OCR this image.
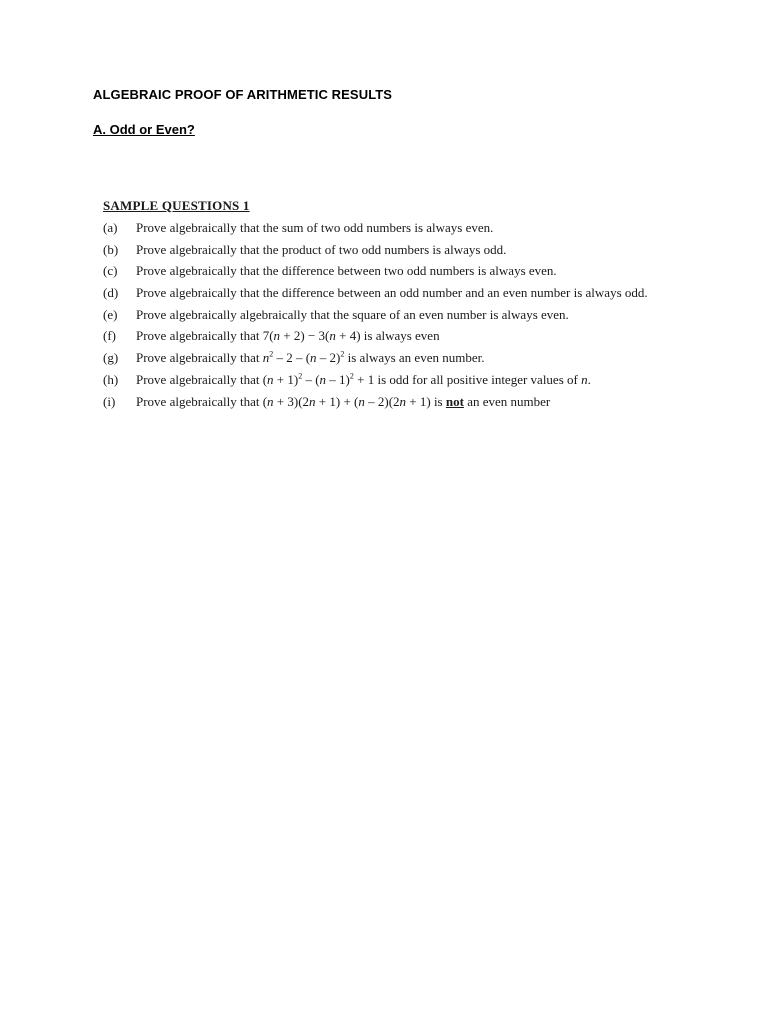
ALGEBRAIC PROOF OF ARITHMETIC RESULTS
A. Odd or Even?
SAMPLE QUESTIONS 1
(a)	Prove algebraically that the sum of two odd numbers is always even.
(b)	Prove algebraically that the product of two odd numbers is always odd.
(c)	Prove algebraically that the difference between two odd numbers is always even.
(d)	Prove algebraically that the difference between an odd number and an even number is always odd.
(e)	Prove algebraically algebraically that the square of an even number is always even.
(f)	Prove algebraically that 7(n + 2) − 3(n + 4) is always even
(g)	Prove algebraically that $n^2 - 2 - (n - 2)^2$ is always an even number.
(h)	Prove algebraically that $(n + 1)^2 - (n - 1)^2 + 1$ is odd for all positive integer values of n.
(i)	Prove algebraically that (n + 3)(2n + 1) + (n – 2)(2n + 1) is not an even number
